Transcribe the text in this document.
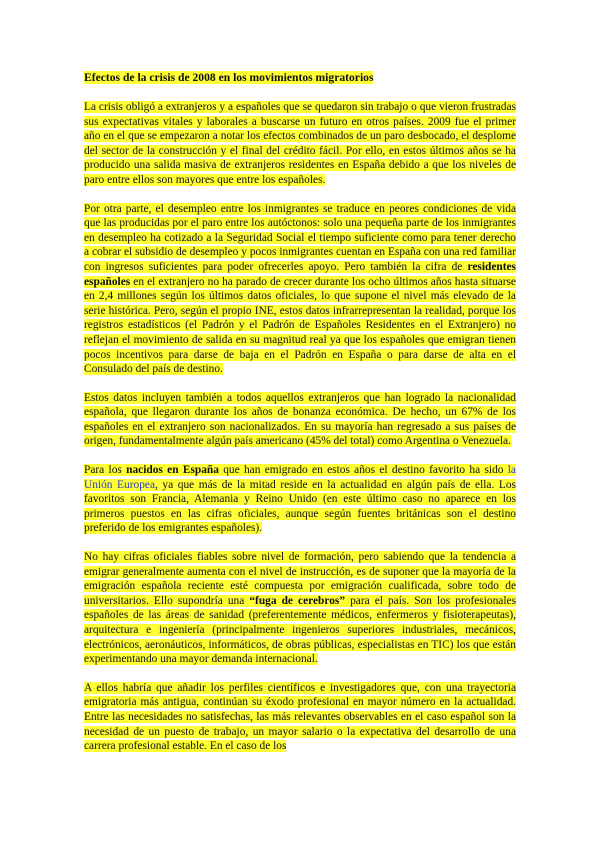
Efectos de la crisis de 2008 en los movimientos migratorios

La crisis obligó a extranjeros y a españoles que se quedaron sin trabajo o que vieron frustradas sus expectativas vitales y laborales a buscarse un futuro en otros países. 2009 fue el primer año en el que se empezaron a notar los efectos combinados de un paro desbocado, el desplome del sector de la construcción y el final del crédito fácil. Por ello, en estos últimos años se ha producido una salida masiva de extranjeros residentes en España debido a que los niveles de paro entre ellos son mayores que entre los españoles.

Por otra parte, el desempleo entre los inmigrantes se traduce en peores condiciones de vida que las producidas por el paro entre los autóctonos: solo una pequeña parte de los inmigrantes en desempleo ha cotizado a la Seguridad Social el tiempo suficiente como para tener derecho a cobrar el subsidio de desempleo y pocos inmigrantes cuentan en España con una red familiar con ingresos suficientes para poder ofrecerles apoyo. Pero también la cifra de residentes españoles en el extranjero no ha parado de crecer durante los ocho últimos años hasta situarse en 2,4 millones según los últimos datos oficiales, lo que supone el nivel más elevado de la serie histórica. Pero, según el propio INE, estos datos infrarrepresentan la realidad, porque los registros estadísticos (el Padrón y el Padrón de Españoles Residentes en el Extranjero) no reflejan el movimiento de salida en su magnitud real ya que los españoles que emigran tienen pocos incentivos para darse de baja en el Padrón en España o para darse de alta en el Consulado del país de destino.

Estos datos incluyen también a todos aquellos extranjeros que han logrado la nacionalidad española, que llegaron durante los años de bonanza económica. De hecho, un 67% de los españoles en el extranjero son nacionalizados. En su mayoría han regresado a sus países de origen, fundamentalmente algún país americano (45% del total) como Argentina o Venezuela.

Para los nacidos en España que han emigrado en estos años el destino favorito ha sido la Unión Europea, ya que más de la mitad reside en la actualidad en algún país de ella. Los favoritos son Francia, Alemania y Reino Unido (en este último caso no aparece en los primeros puestos en las cifras oficiales, aunque según fuentes británicas son el destino preferido de los emigrantes españoles).

No hay cifras oficiales fiables sobre nivel de formación, pero sabiendo que la tendencia a emigrar generalmente aumenta con el nivel de instrucción, es de suponer que la mayoría de la emigración española reciente esté compuesta por emigración cualificada, sobre todo de universitarios. Ello supondría una “fuga de cerebros” para el país. Son los profesionales españoles de las áreas de sanidad (preferentemente médicos, enfermeros y fisioterapeutas), arquitectura e ingeniería (principalmente ingenieros superiores industriales, mecánicos, electrónicos, aeronáuticos, informáticos, de obras públicas, especialistas en TIC) los que están experimentando una mayor demanda internacional.

A ellos habría que añadir los perfiles científicos e investigadores que, con una trayectoria emigratoria más antigua, continúan su éxodo profesional en mayor número en la actualidad. Entre las necesidades no satisfechas, las más relevantes observables en el caso español son la necesidad de un puesto de trabajo, un mayor salario o la expectativa del desarrollo de una carrera profesional estable. En el caso de los
